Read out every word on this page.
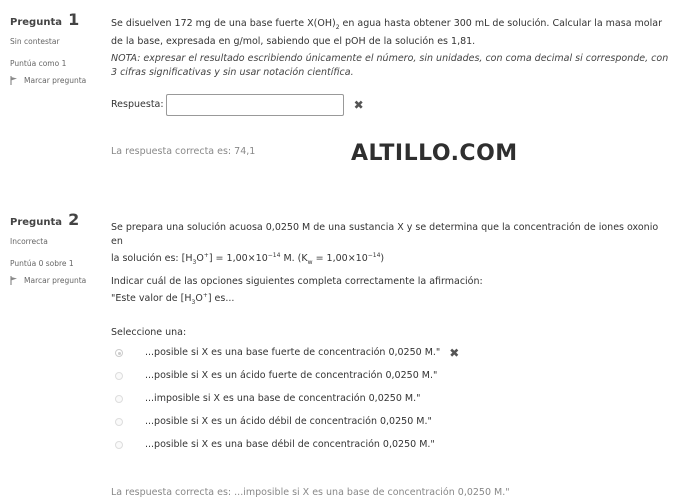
Pregunta 1
Sin contestar
Puntúa como 1
Marcar pregunta
Se disuelven 172 mg de una base fuerte $X(OH)_2$ en agua hasta obtener 300 mL de solución. Calcular la masa molar de la base, expresada en g/mol, sabiendo que el pOH de la solución es 1,81.
NOTA: expresar el resultado escribiendo únicamente el número, sin unidades, con coma decimal si corresponde, con 3 cifras significativas y sin usar notación científica.
Respuesta:	✖
La respuesta correcta es: 74,1	ALTILLO.COM
Pregunta 2
Incorrecta
Puntúa 0 sobre 1
Marcar pregunta
Se prepara una solución acuosa 0,0250 M de una sustancia X y se determina que la concentración de iones oxonio en
la solución es: $[H_3O^+] = 1,00\times 10^{-14}$ M. $(K_w = 1,00\times 10^{-14})$
Indicar cuál de las opciones siguientes completa correctamente la afirmación:
"Este valor de $[H_3O^+]$ es...
Seleccione una:
...posible si X es una base fuerte de concentración 0,0250 M." ✖
...posible si X es un ácido fuerte de concentración 0,0250 M."
...imposible si X es una base de concentración 0,0250 M."
...posible si X es un ácido débil de concentración 0,0250 M."
...posible si X es una base débil de concentración 0,0250 M."
La respuesta correcta es: ...imposible si X es una base de concentración 0,0250 M."
